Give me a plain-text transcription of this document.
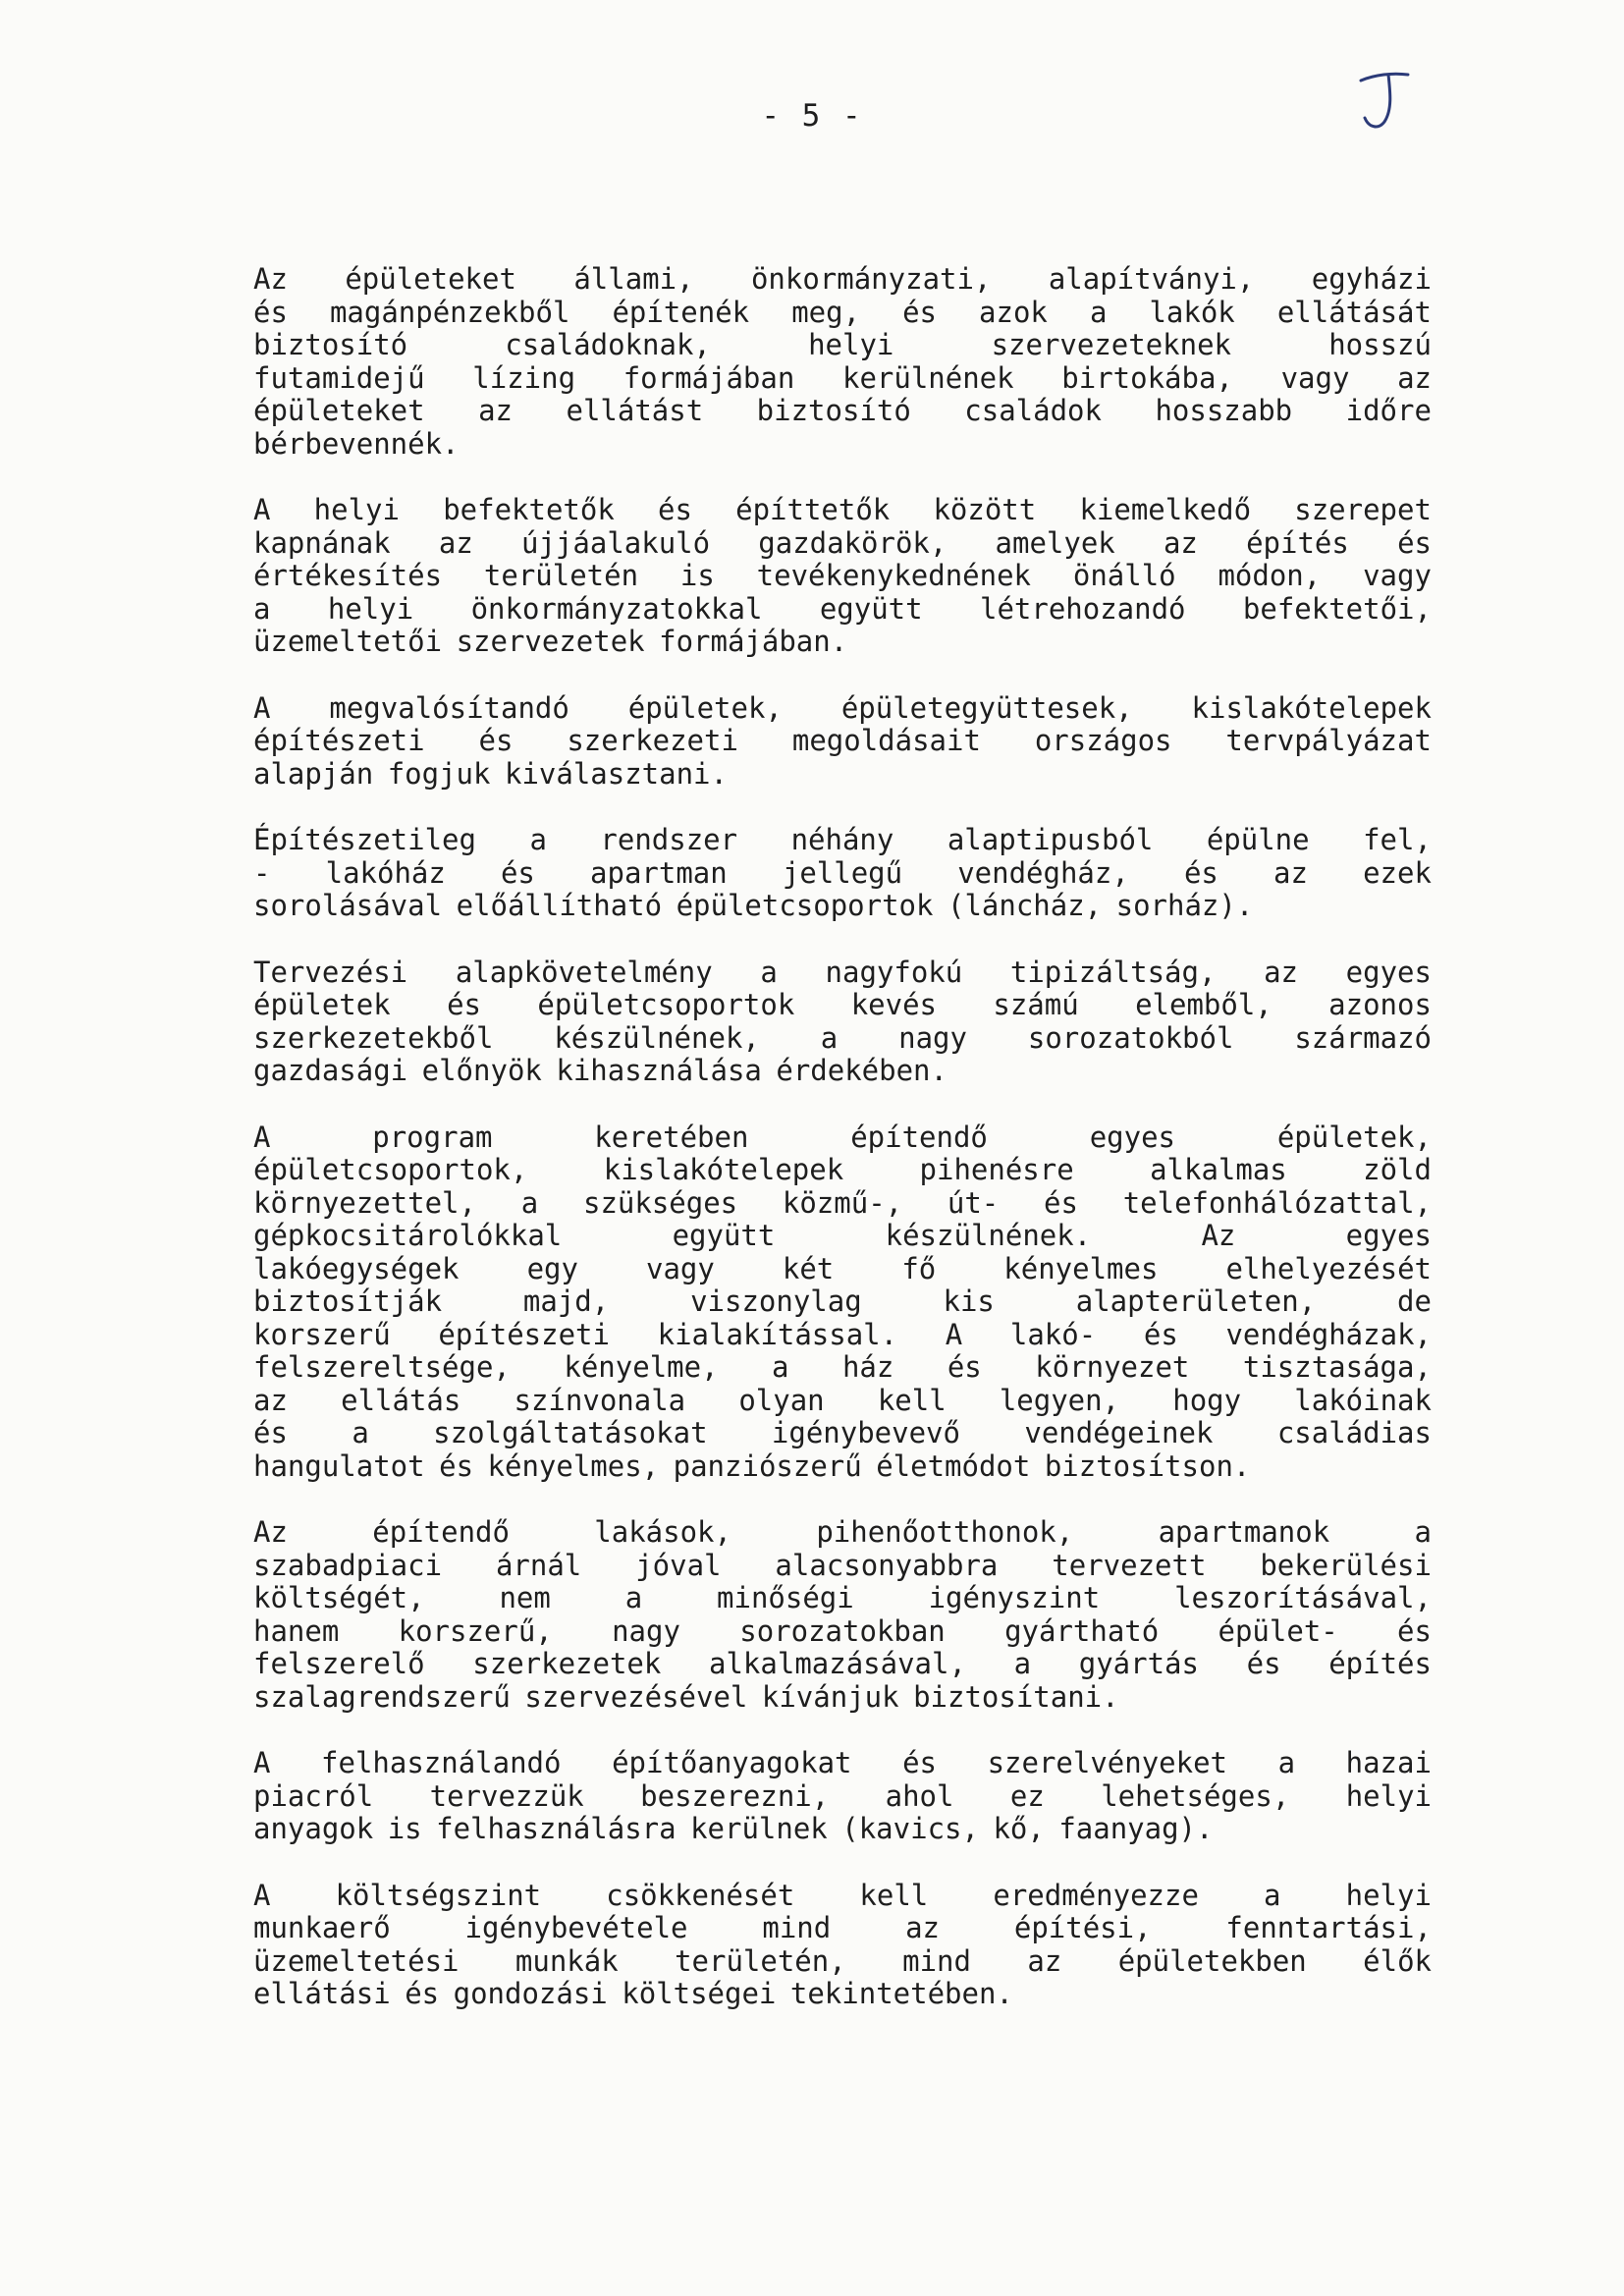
- 5 -
Az épületeket állami, önkormányzati, alapítványi, egyházi
és magánpénzekből építenék meg, és azok a lakók ellátását
biztosító	családoknak,	helyi	szervezeteknek	hosszú
futamidejű lízing formájában kerülnének birtokába, vagy az
épületeket az ellátást biztosító családok hosszabb időre
bérbevennék.
A helyi befektetők és építtetők között kiemelkedő szerepet
kapnának az újjáalakuló gazdakörök, amelyek az építés és
értékesítés területén is tevékenykednének önálló módon, vagy
a helyi önkormányzatokkal együtt létrehozandó befektetői,
üzemeltetői szervezetek formájában.
A megvalósítandó épületek, épületegyüttesek, kislakótelepek
építészeti és szerkezeti megoldásait országos tervpályázat
alapján fogjuk kiválasztani.
Építészetileg a rendszer néhány alaptipusból épülne fel,
- lakóház és apartman jellegű vendégház, és az ezek
sorolásával előállítható épületcsoportok (láncház, sorház).
Tervezési alapkövetelmény a nagyfokú tipizáltság, az egyes
épületek és épületcsoportok kevés számú elemből, azonos
szerkezetekből készülnének, a nagy sorozatokból származó
gazdasági előnyök kihasználása érdekében.
A	program	keretében	építendő	egyes	épületek,
épületcsoportok,	kislakótelepek	pihenésre	alkalmas	zöld
környezettel, a szükséges közmű-, út- és telefonhálózattal,
gépkocsitárolókkal	együtt	készülnének.	Az	egyes
lakóegységek egy vagy két fő kényelmes elhelyezését
biztosítják	majd,	viszonylag	kis	alapterületen,	de
korszerű építészeti kialakítással. A lakó- és vendégházak,
felszereltsége, kényelme, a ház és környezet tisztasága,
az ellátás színvonala olyan kell legyen, hogy lakóinak
és a szolgáltatásokat igénybevevő vendégeinek családias
hangulatot és kényelmes, panziószerű életmódot biztosítson.
Az	építendő	lakások,	pihenőotthonok,	apartmanok	a
szabadpiaci árnál jóval alacsonyabbra tervezett bekerülési
költségét,	nem	a	minőségi	igényszint	leszorításával,
hanem korszerű, nagy sorozatokban gyártható épület- és
felszerelő szerkezetek alkalmazásával, a gyártás és építés
szalagrendszerű szervezésével kívánjuk biztosítani.
A felhasználandó építőanyagokat és szerelvényeket a hazai
piacról tervezzük beszerezni, ahol ez lehetséges, helyi
anyagok is felhasználásra kerülnek (kavics, kő, faanyag).
A költségszint csökkenését kell eredményezze a helyi
munkaerő	igénybevétele	mind	az	építési,	fenntartási,
üzemeltetési munkák területén, mind az épületekben élők
ellátási és gondozási költségei tekintetében.
